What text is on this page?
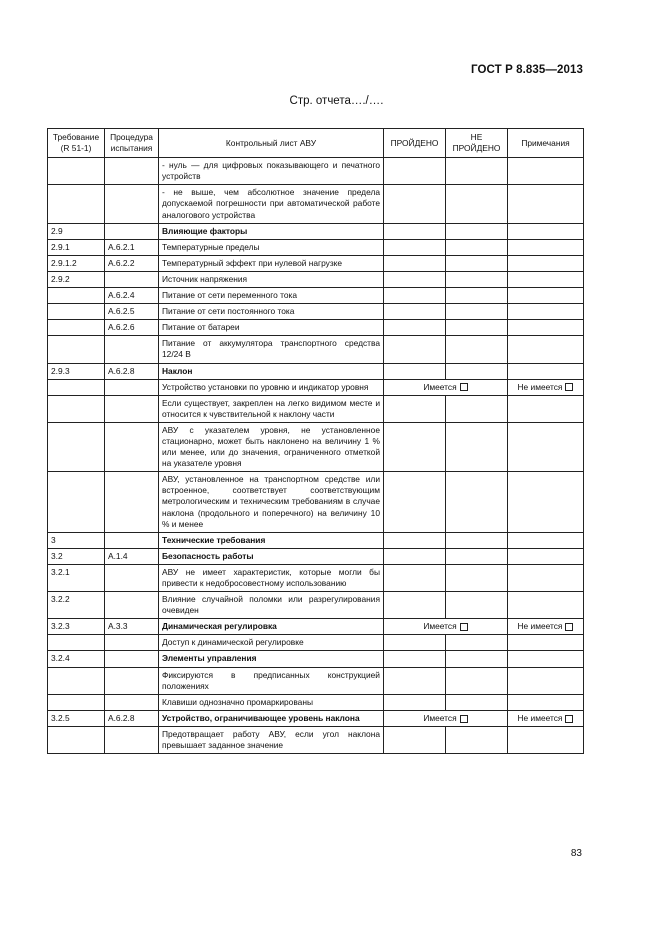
ГОСТ Р 8.835—2013
Стр. отчета…./….
Требование (R 51-1)	Процедура испытания	Контрольный лист АВУ	ПРОЙДЕНО	НЕ ПРОЙДЕНО	Примечания
		- нуль — для цифровых показывающего и печатного устройств			
		- не выше, чем абсолютное значение предела допускаемой погрешности при автоматической работе аналогового устройства			
2.9		Влияющие факторы			
2.9.1	А.6.2.1	Температурные пределы			
2.9.1.2	А.6.2.2	Температурный эффект при нулевой нагрузке			
2.9.2		Источник напряжения			
	А.6.2.4	Питание от сети переменного тока			
	А.6.2.5	Питание от сети постоянного тока			
	А.6.2.6	Питание от батареи			
		Питание от аккумулятора транспортного средства 12/24 В			
2.9.3	А.6.2.8	Наклон			
		Устройство установки по уровню и индикатор уровня	Имеется		Не имеется
		Если существует, закреплен на легко видимом месте и относится к чувствительной к наклону части			
		АВУ с указателем уровня, не установленное стационарно, может быть наклонено на величину 1 % или менее, или до значения, ограниченного отметкой на указателе уровня			
		АВУ, установленное на транспортном средстве или встроенное, соответствует соответствующим метрологическим и техническим требованиям в случае наклона (продольного и поперечного) на величину 10 % и менее			
3		Технические требования			
3.2	А.1.4	Безопасность работы			
3.2.1		АВУ не имеет характеристик, которые могли бы привести к недобросовестному использованию			
3.2.2		Влияние случайной поломки или разрегулирования очевиден			
3.2.3	А.3.3	Динамическая регулировка	Имеется		Не имеется
		Доступ к динамической регулировке			
3.2.4		Элементы управления			
		Фиксируются в предписанных конструкцией положениях			
		Клавиши однозначно промаркированы			
3.2.5	А.6.2.8	Устройство, ограничивающее уровень наклона	Имеется		Не имеется
		Предотвращает работу АВУ, если угол наклона превышает заданное значение			
83
